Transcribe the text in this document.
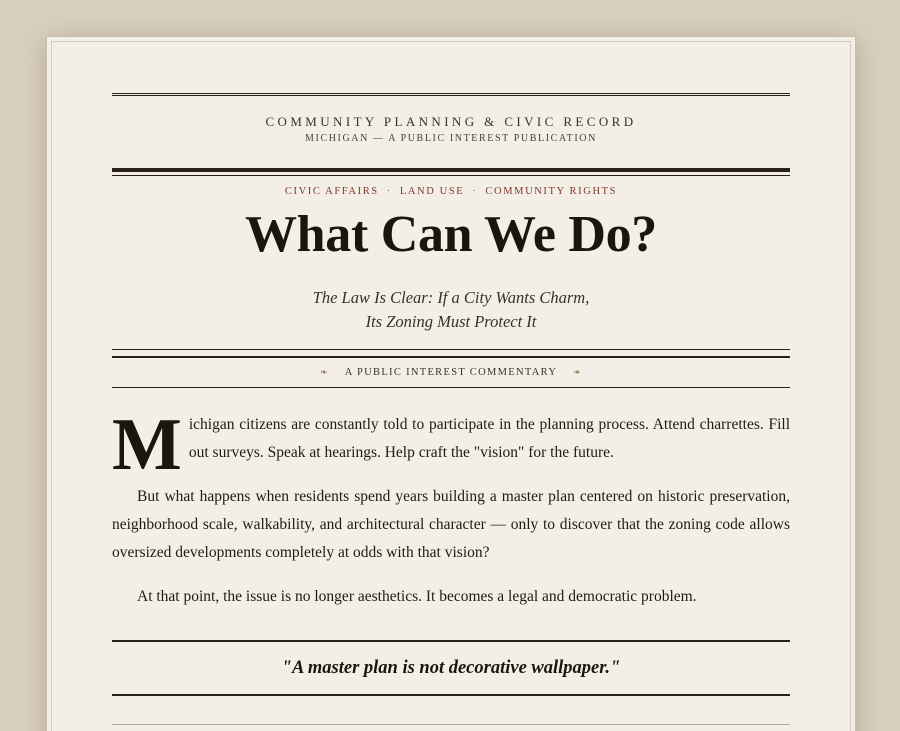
COMMUNITY PLANNING & CIVIC RECORD
MICHIGAN — A PUBLIC INTEREST PUBLICATION
CIVIC AFFAIRS · LAND USE · COMMUNITY RIGHTS
What Can We Do?
The Law Is Clear: If a City Wants Charm,
Its Zoning Must Protect It
❧ A PUBLIC INTEREST COMMENTARY ❧
Michigan citizens are constantly told to participate in the planning process. Attend charrettes. Fill out surveys. Speak at hearings. Help craft the "vision" for the future.
But what happens when residents spend years building a master plan centered on historic preservation, neighborhood scale, walkability, and architectural character — only to discover that the zoning code allows oversized developments completely at odds with that vision?
At that point, the issue is no longer aesthetics. It becomes a legal and democratic problem.
"A master plan is not decorative wallpaper."
